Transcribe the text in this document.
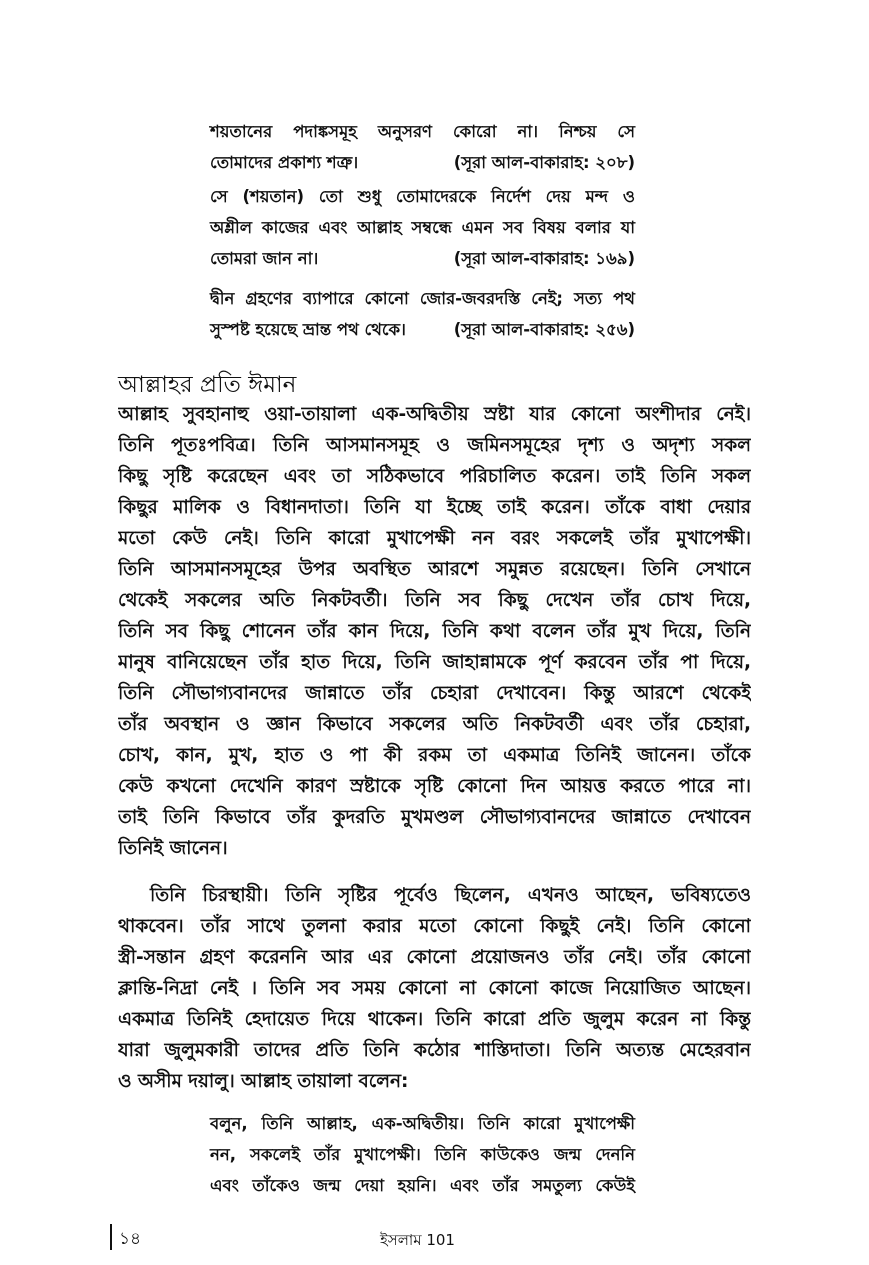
শয়তানের পদাঙ্কসমূহ অনুসরণ কোরো না। নিশ্চয় সে

তোমাদের প্রকাশ্য শত্রু।	(সূরা আল-বাকারাহ: ২০৮)

সে (শয়তান) তো শুধু তোমাদেরকে নির্দেশ দেয় মন্দ ও

অশ্লীল কাজের এবং আল্লাহ সম্বন্ধে এমন সব বিষয় বলার যা

তোমরা জান না।	(সূরা আল-বাকারাহ: ১৬৯)

দ্বীন গ্রহণের ব্যাপারে কোনো জোর-জবরদস্তি নেই; সত্য পথ

সুস্পষ্ট হয়েছে ভ্রান্ত পথ থেকে।	(সূরা আল-বাকারাহ: ২৫৬)

আল্লাহর প্রতি ঈমান
আল্লাহ সুবহানাহু ওয়া-তায়ালা এক-অদ্বিতীয় স্রষ্টা যার কোনো অংশীদার নেই।
তিনি পূতঃপবিত্র। তিনি আসমানসমূহ ও জমিনসমূহের দৃশ্য ও অদৃশ্য সকল
কিছু সৃষ্টি করেছেন এবং তা সঠিকভাবে পরিচালিত করেন। তাই তিনি সকল
কিছুর মালিক ও বিধানদাতা। তিনি যা ইচ্ছে তাই করেন। তাঁকে বাধা দেয়ার
মতো কেউ নেই। তিনি কারো মুখাপেক্ষী নন বরং সকলেই তাঁর মুখাপেক্ষী।
তিনি আসমানসমূহের উপর অবস্থিত আরশে সমুন্নত রয়েছেন। তিনি সেখানে
থেকেই সকলের অতি নিকটবর্তী। তিনি সব কিছু দেখেন তাঁর চোখ দিয়ে,
তিনি সব কিছু শোনেন তাঁর কান দিয়ে, তিনি কথা বলেন তাঁর মুখ দিয়ে, তিনি
মানুষ বানিয়েছেন তাঁর হাত দিয়ে, তিনি জাহান্নামকে পূর্ণ করবেন তাঁর পা দিয়ে,
তিনি সৌভাগ্যবানদের জান্নাতে তাঁর চেহারা দেখাবেন। কিন্তু আরশে থেকেই
তাঁর অবস্থান ও জ্ঞান কিভাবে সকলের অতি নিকটবর্তী এবং তাঁর চেহারা,
চোখ, কান, মুখ, হাত ও পা কী রকম তা একমাত্র তিনিই জানেন। তাঁকে
কেউ কখনো দেখেনি কারণ স্রষ্টাকে সৃষ্টি কোনো দিন আয়ত্ত করতে পারে না।
তাই তিনি কিভাবে তাঁর কুদরতি মুখমণ্ডল সৌভাগ্যবানদের জান্নাতে দেখাবেন
তিনিই জানেন।
তিনি চিরস্থায়ী। তিনি সৃষ্টির পূর্বেও ছিলেন, এখনও আছেন, ভবিষ্যতেও
থাকবেন। তাঁর সাথে তুলনা করার মতো কোনো কিছুই নেই। তিনি কোনো
স্ত্রী-সন্তান গ্রহণ করেননি আর এর কোনো প্রয়োজনও তাঁর নেই। তাঁর কোনো
ক্লান্তি-নিদ্রা নেই । তিনি সব সময় কোনো না কোনো কাজে নিয়োজিত আছেন।
একমাত্র তিনিই হেদায়েত দিয়ে থাকেন। তিনি কারো প্রতি জুলুম করেন না কিন্তু
যারা জুলুমকারী তাদের প্রতি তিনি কঠোর শাস্তিদাতা। তিনি অত্যন্ত মেহেরবান
ও অসীম দয়ালু। আল্লাহ তায়ালা বলেন:

বলুন, তিনি আল্লাহ, এক-অদ্বিতীয়। তিনি কারো মুখাপেক্ষী

নন, সকলেই তাঁর মুখাপেক্ষী। তিনি কাউকেও জন্ম দেননি

এবং তাঁকেও জন্ম দেয়া হয়নি। এবং তাঁর সমতুল্য কেউই

১৪	ইসলাম 101
